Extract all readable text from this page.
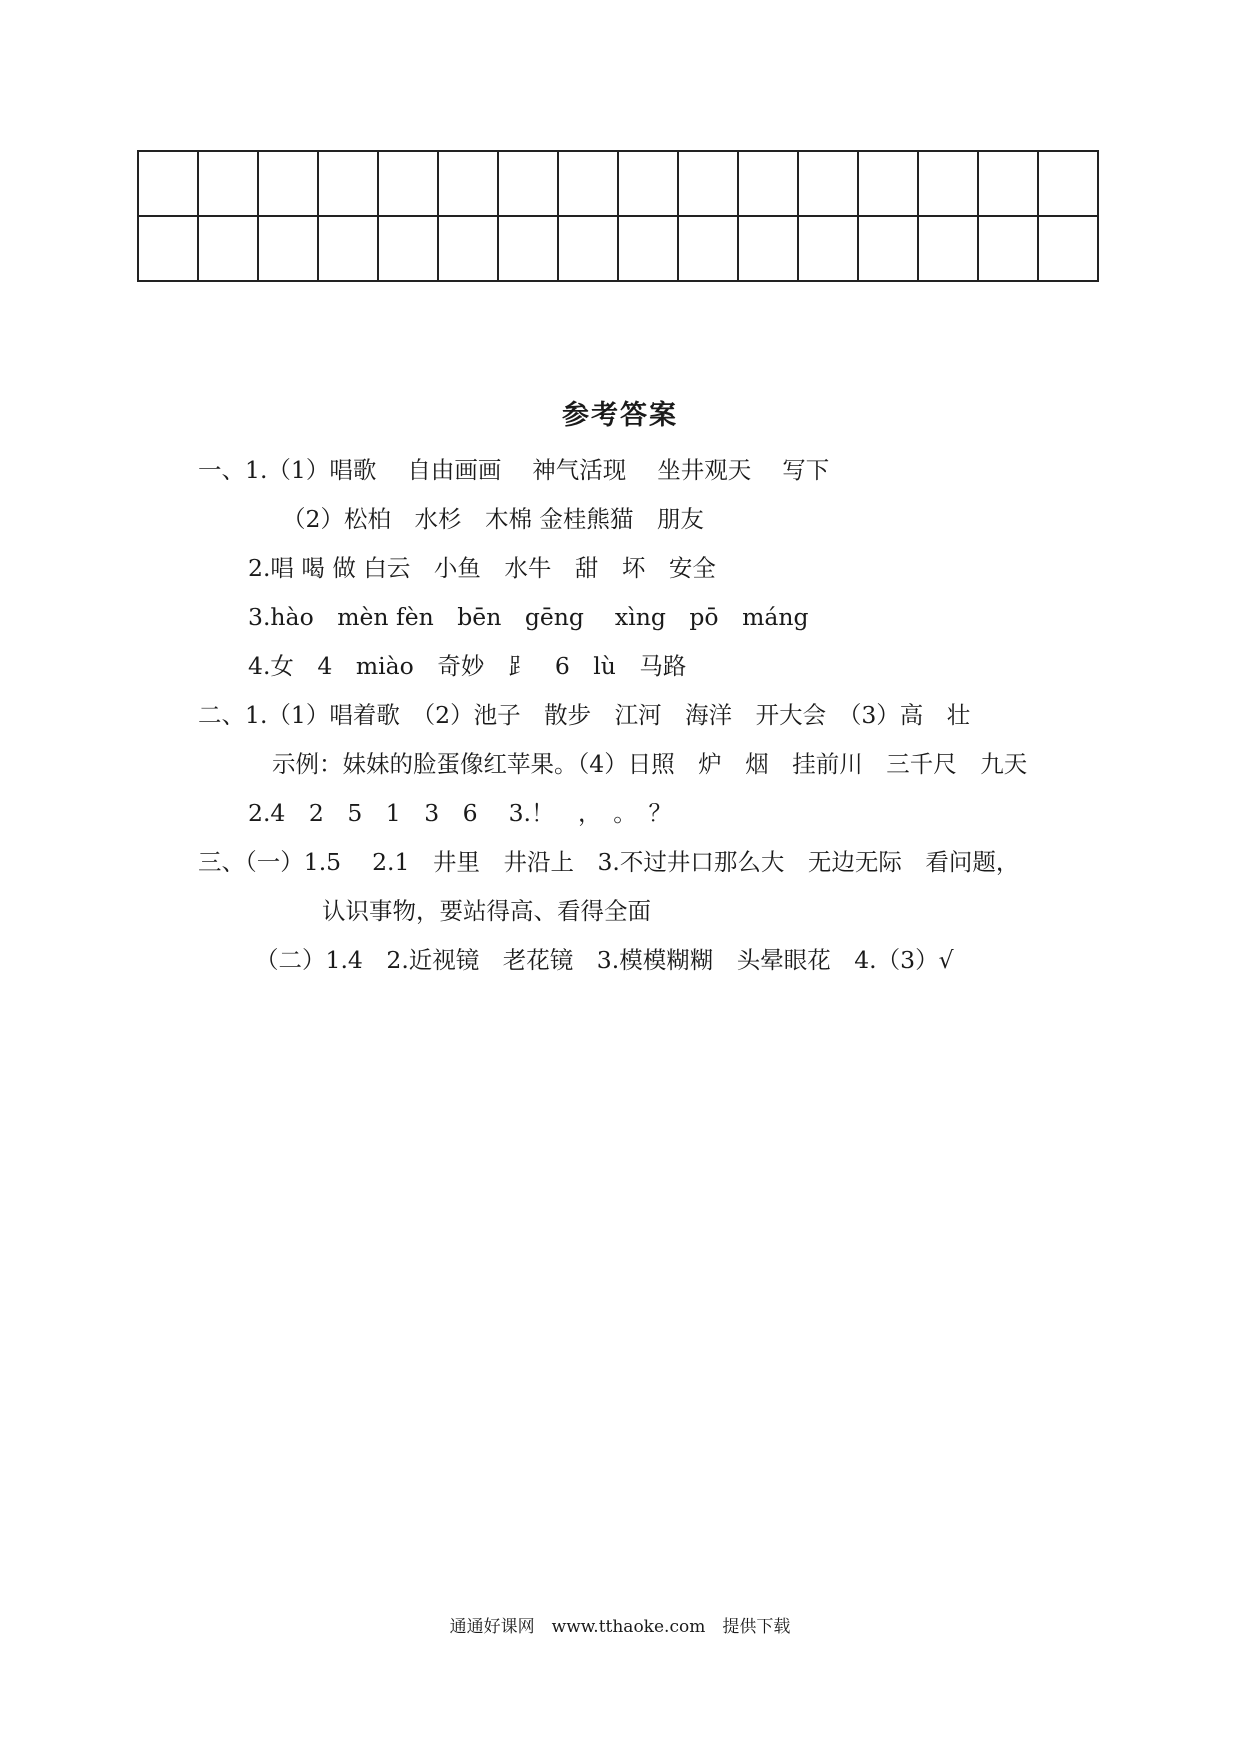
参考答案
一、1.（1）唱歌　 自由画画　 神气活现　 坐井观天　 写下
（2）松柏　水杉　木棉 金桂熊猫　朋友
2.唱 喝 做 白云　小鱼　水牛　甜　坏　安全
3.hào　mèn fèn　bēn　gēng　 xìng　pō　máng
4.女　4　miào　奇妙　⻊　6　lù　马路
二、1.（1）唱着歌　（2）池子　散步　江河　海洋　开大会　（3）高　壮
示例：妹妹的脸蛋像红苹果。（4）日照　炉　烟　挂前川　三千尺　九天
2.4　2　5　1　3　6　 3.！　，　。　？
三、（一）1.5　 2.1　井里　井沿上　3.不过井口那么大　无边无际　看问题，
认识事物，要站得高、看得全面
（二）1.4　2.近视镜　老花镜　3.模模糊糊　头晕眼花　4.（3）√
通通好课网　www.tthaoke.com　提供下载
